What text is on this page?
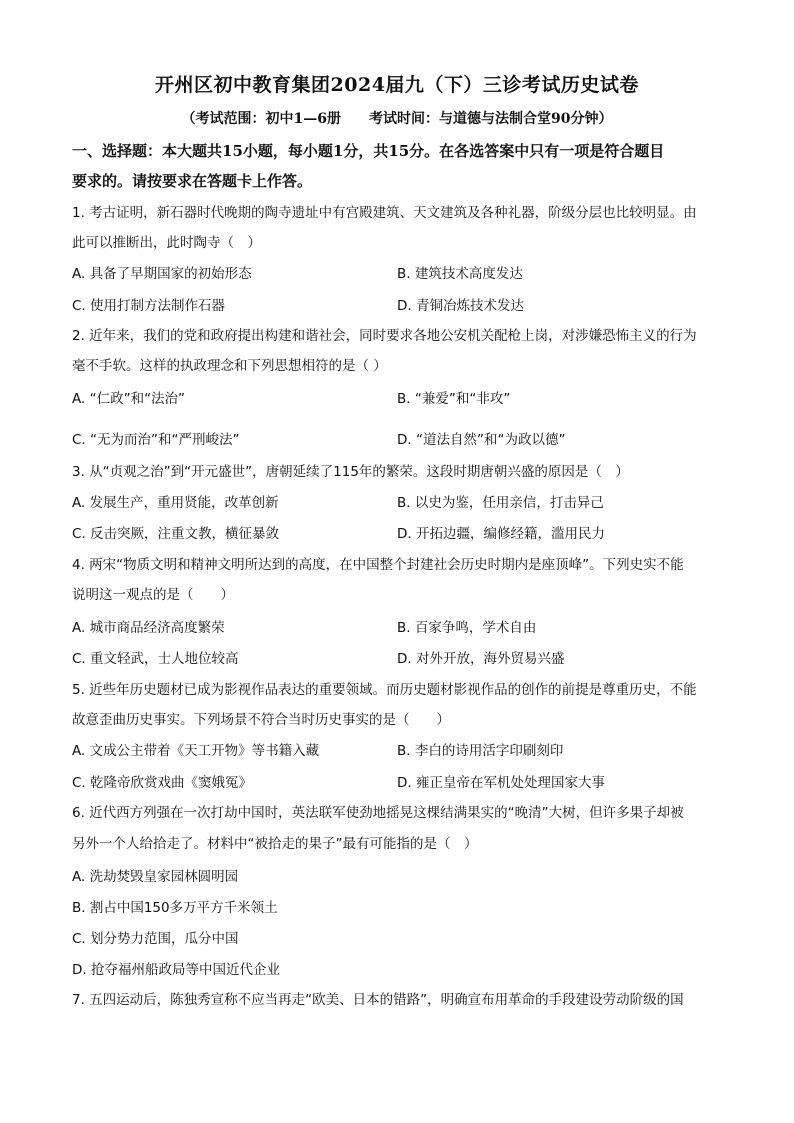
开州区初中教育集团2024届九（下）三诊考试历史试卷
（考试范围：初中1—6册　　考试时间：与道德与法制合堂90分钟）
一、选择题：本大题共15小题，每小题1分，共15分。在各选答案中只有一项是符合题目
要求的。请按要求在答题卡上作答。
1. 考古证明，新石器时代晚期的陶寺遗址中有宫殿建筑、天文建筑及各种礼器，阶级分层也比较明显。由
此可以推断出，此时陶寺（　）
A. 具备了早期国家的初始形态	B. 建筑技术高度发达
C. 使用打制方法制作石器	D. 青铜冶炼技术发达
2. 近年来，我们的党和政府提出构建和谐社会，同时要求各地公安机关配枪上岗，对涉嫌恐怖主义的行为
毫不手软。这样的执政理念和下列思想相符的是（ ）
A. “仁政”和“法治”	B. “兼爱”和“非攻”
C. “无为而治”和“严刑峻法”	D. “道法自然”和“为政以德”
3. 从“贞观之治”到“开元盛世”，唐朝延续了115年的繁荣。这段时期唐朝兴盛的原因是（　）
A. 发展生产，重用贤能，改革创新	B. 以史为鉴，任用亲信，打击异己
C. 反击突厥，注重文教，横征暴敛	D. 开拓边疆，编修经籍，滥用民力
4. 两宋“物质文明和精神文明所达到的高度，在中国整个封建社会历史时期内是座顶峰”。下列史实不能
说明这一观点的是（　　）
A. 城市商品经济高度繁荣	B. 百家争鸣，学术自由
C. 重文轻武，士人地位较高	D. 对外开放，海外贸易兴盛
5. 近些年历史题材已成为影视作品表达的重要领域。而历史题材影视作品的创作的前提是尊重历史，不能
故意歪曲历史事实。下列场景不符合当时历史事实的是（　　）
A. 文成公主带着《天工开物》等书籍入藏	B. 李白的诗用活字印刷刻印
C. 乾隆帝欣赏戏曲《窦娥冤》	D. 雍正皇帝在军机处处理国家大事
6. 近代西方列强在一次打劫中国时，英法联军使劲地摇晃这棵结满果实的“晚清”大树，但许多果子却被
另外一个人给拾走了。材料中“被拾走的果子”最有可能指的是（　）
A. 洗劫焚毁皇家园林圆明园
B. 割占中国150多万平方千米领土
C. 划分势力范围，瓜分中国
D. 抢夺福州船政局等中国近代企业
7. 五四运动后，陈独秀宣称不应当再走“欧美、日本的错路”，明确宣布用革命的手段建设劳动阶级的国
